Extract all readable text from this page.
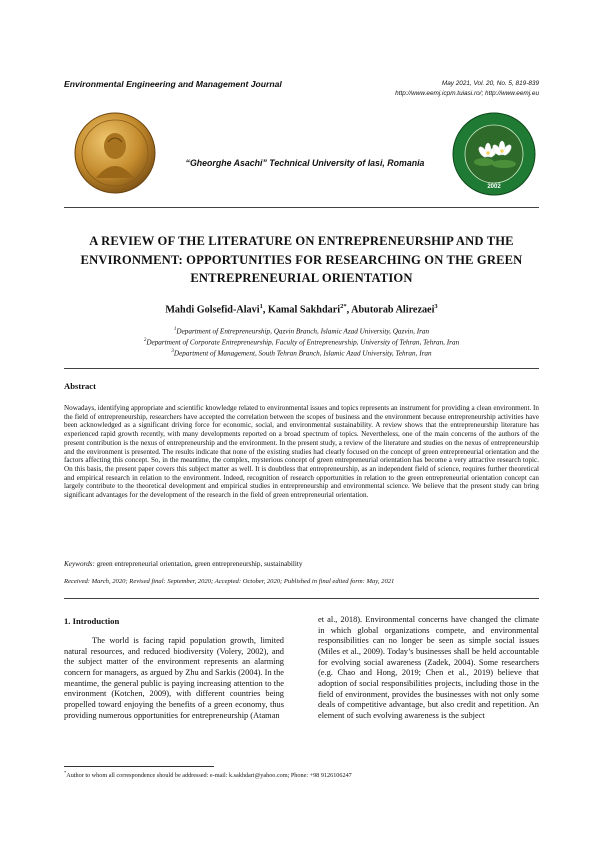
Environmental Engineering and Management Journal	May 2021, Vol. 20, No. 5, 819-839
http://www.eemj.icpm.tuiasi.ro/; http://www.eemj.eu
2002
“Gheorghe Asachi” Technical University of Iasi, Romania
A REVIEW OF THE LITERATURE ON ENTREPRENEURSHIP AND THE ENVIRONMENT: OPPORTUNITIES FOR RESEARCHING ON THE GREEN ENTREPRENEURIAL ORIENTATION
Mahdi Golsefid-Alavi$^1$, Kamal Sakhdari$^{2*}$, Abutorab Alirezaei$^3$
$^1$Department of Entrepreneurship, Qazvin Branch, Islamic Azad University, Qazvin, Iran
$^2$Department of Corporate Entrepreneurship, Faculty of Entrepreneurship, University of Tehran, Tehran, Iran
$^3$Department of Management, South Tehran Branch, Islamic Azad University, Tehran, Iran
Abstract
Nowadays, identifying appropriate and scientific knowledge related to environmental issues and topics represents an instrument for providing a clean environment. In the field of entrepreneurship, researchers have accepted the correlation between the scopes of business and the environment because entrepreneurship activities have been acknowledged as a significant driving force for economic, social, and environmental sustainability. A review shows that the entrepreneurship literature has experienced rapid growth recently, with many developments reported on a broad spectrum of topics. Nevertheless, one of the main concerns of the authors of the present contribution is the nexus of entrepreneurship and the environment. In the present study, a review of the literature and studies on the nexus of entrepreneurship and the environment is presented. The results indicate that none of the existing studies had clearly focused on the concept of green entrepreneurial orientation and the factors affecting this concept. So, in the meantime, the complex, mysterious concept of green entrepreneurial orientation has become a very attractive research topic. On this basis, the present paper covers this subject matter as well. It is doubtless that entrepreneurship, as an independent field of science, requires further theoretical and empirical research in relation to the environment. Indeed, recognition of research opportunities in relation to the green entrepreneurial orientation concept can largely contribute to the theoretical development and empirical studies in entrepreneurship and environmental science. We believe that the present study can bring significant advantages for the development of the research in the field of green entrepreneurial orientation.
Keywords: green entrepreneurial orientation, green entrepreneurship, sustainability
Received: March, 2020; Revised final: September, 2020; Accepted: October, 2020; Published in final edited form: May, 2021
1. Introduction

The world is facing rapid population growth, limited natural resources, and reduced biodiversity (Volery, 2002), and the subject matter of the environment represents an alarming concern for managers, as argued by Zhu and Sarkis (2004). In the meantime, the general public is paying increasing attention to the environment (Kotchen, 2009), with different countries being propelled toward enjoying the benefits of a green economy, thus providing numerous opportunities for entrepreneurship (Ataman

et al., 2018). Environmental concerns have changed the climate in which global organizations compete, and environmental responsibilities can no longer be seen as simple social issues (Miles et al., 2009). Today’s businesses shall be held accountable for evolving social awareness (Zadek, 2004). Some researchers (e.g. Chao and Hong, 2019; Chen et al., 2019) believe that adoption of social responsibilities projects, including those in the field of environment, provides the businesses with not only some deals of competitive advantage, but also credit and repetition. An element of such evolving awareness is the subject

*Author to whom all correspondence should be addressed: e-mail: k.sakhdari@yahoo.com; Phone: +98 9126106247
